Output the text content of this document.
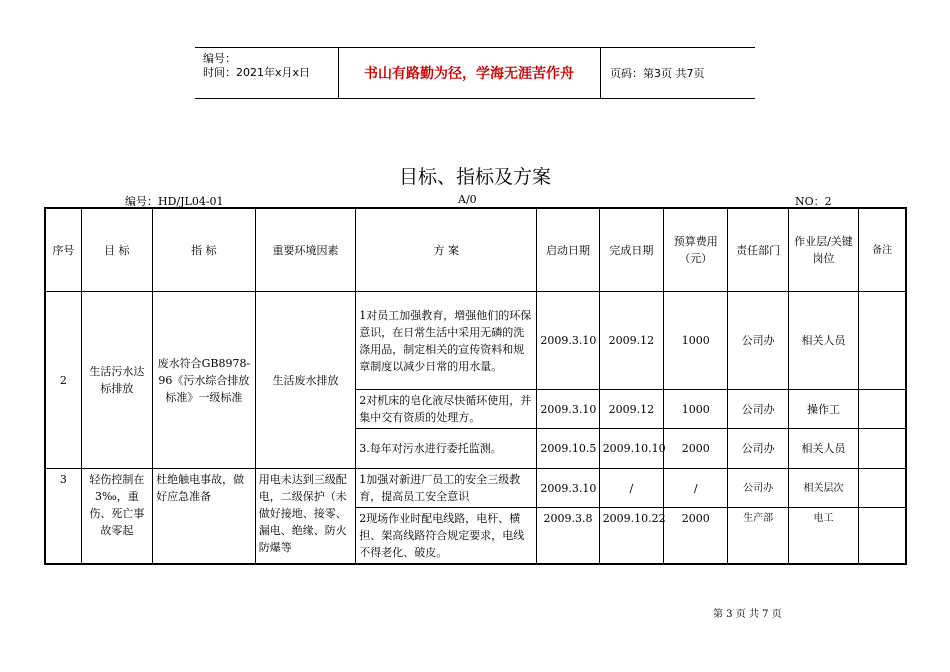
编号：
时间：2021年x月x日	书山有路勤为径，学海无涯苦作舟	页码：第3页 共7页
目标、指标及方案
编号：HD/JL04-01	A/0	NO：2
序号	目 标	指 标	重要环境因素	方 案	启动日期	完成日期	预算费用（元）	责任部门	作业层/关键岗位	备注
2	生活污水达标排放	废水符合GB8978-96《污水综合排放标准》一级标准	生活废水排放	1对员工加强教育，增强他们的环保意识，在日常生活中采用无磷的洗涤用品，制定相关的宣传资料和规章制度以减少日常的用水量。	2009.3.10	2009.12	1000	公司办	相关人员	
				2对机床的皂化液尽快循环使用，并集中交有资质的处理方。	2009.3.10	2009.12	1000	公司办	操作工	
				3.每年对污水进行委托监测。	2009.10.5	2009.10.10	2000	公司办	相关人员	
3	轻伤控制在3‰，重伤、死亡事故零起	杜绝触电事故，做好应急准备	用电未达到三级配电，二级保护（未做好接地、接零、漏电、绝缘、防火防爆等	1加强对新进厂员工的安全三级教育，提高员工安全意识	2009.3.10	/	/	公司办	相关层次	
				2现场作业时配电线路，电杆、横担、架高线路符合规定要求，电线不得老化、破皮。	2009.3.8	2009.10.22	2000	生产部	电工	
第 3 页 共 7 页
